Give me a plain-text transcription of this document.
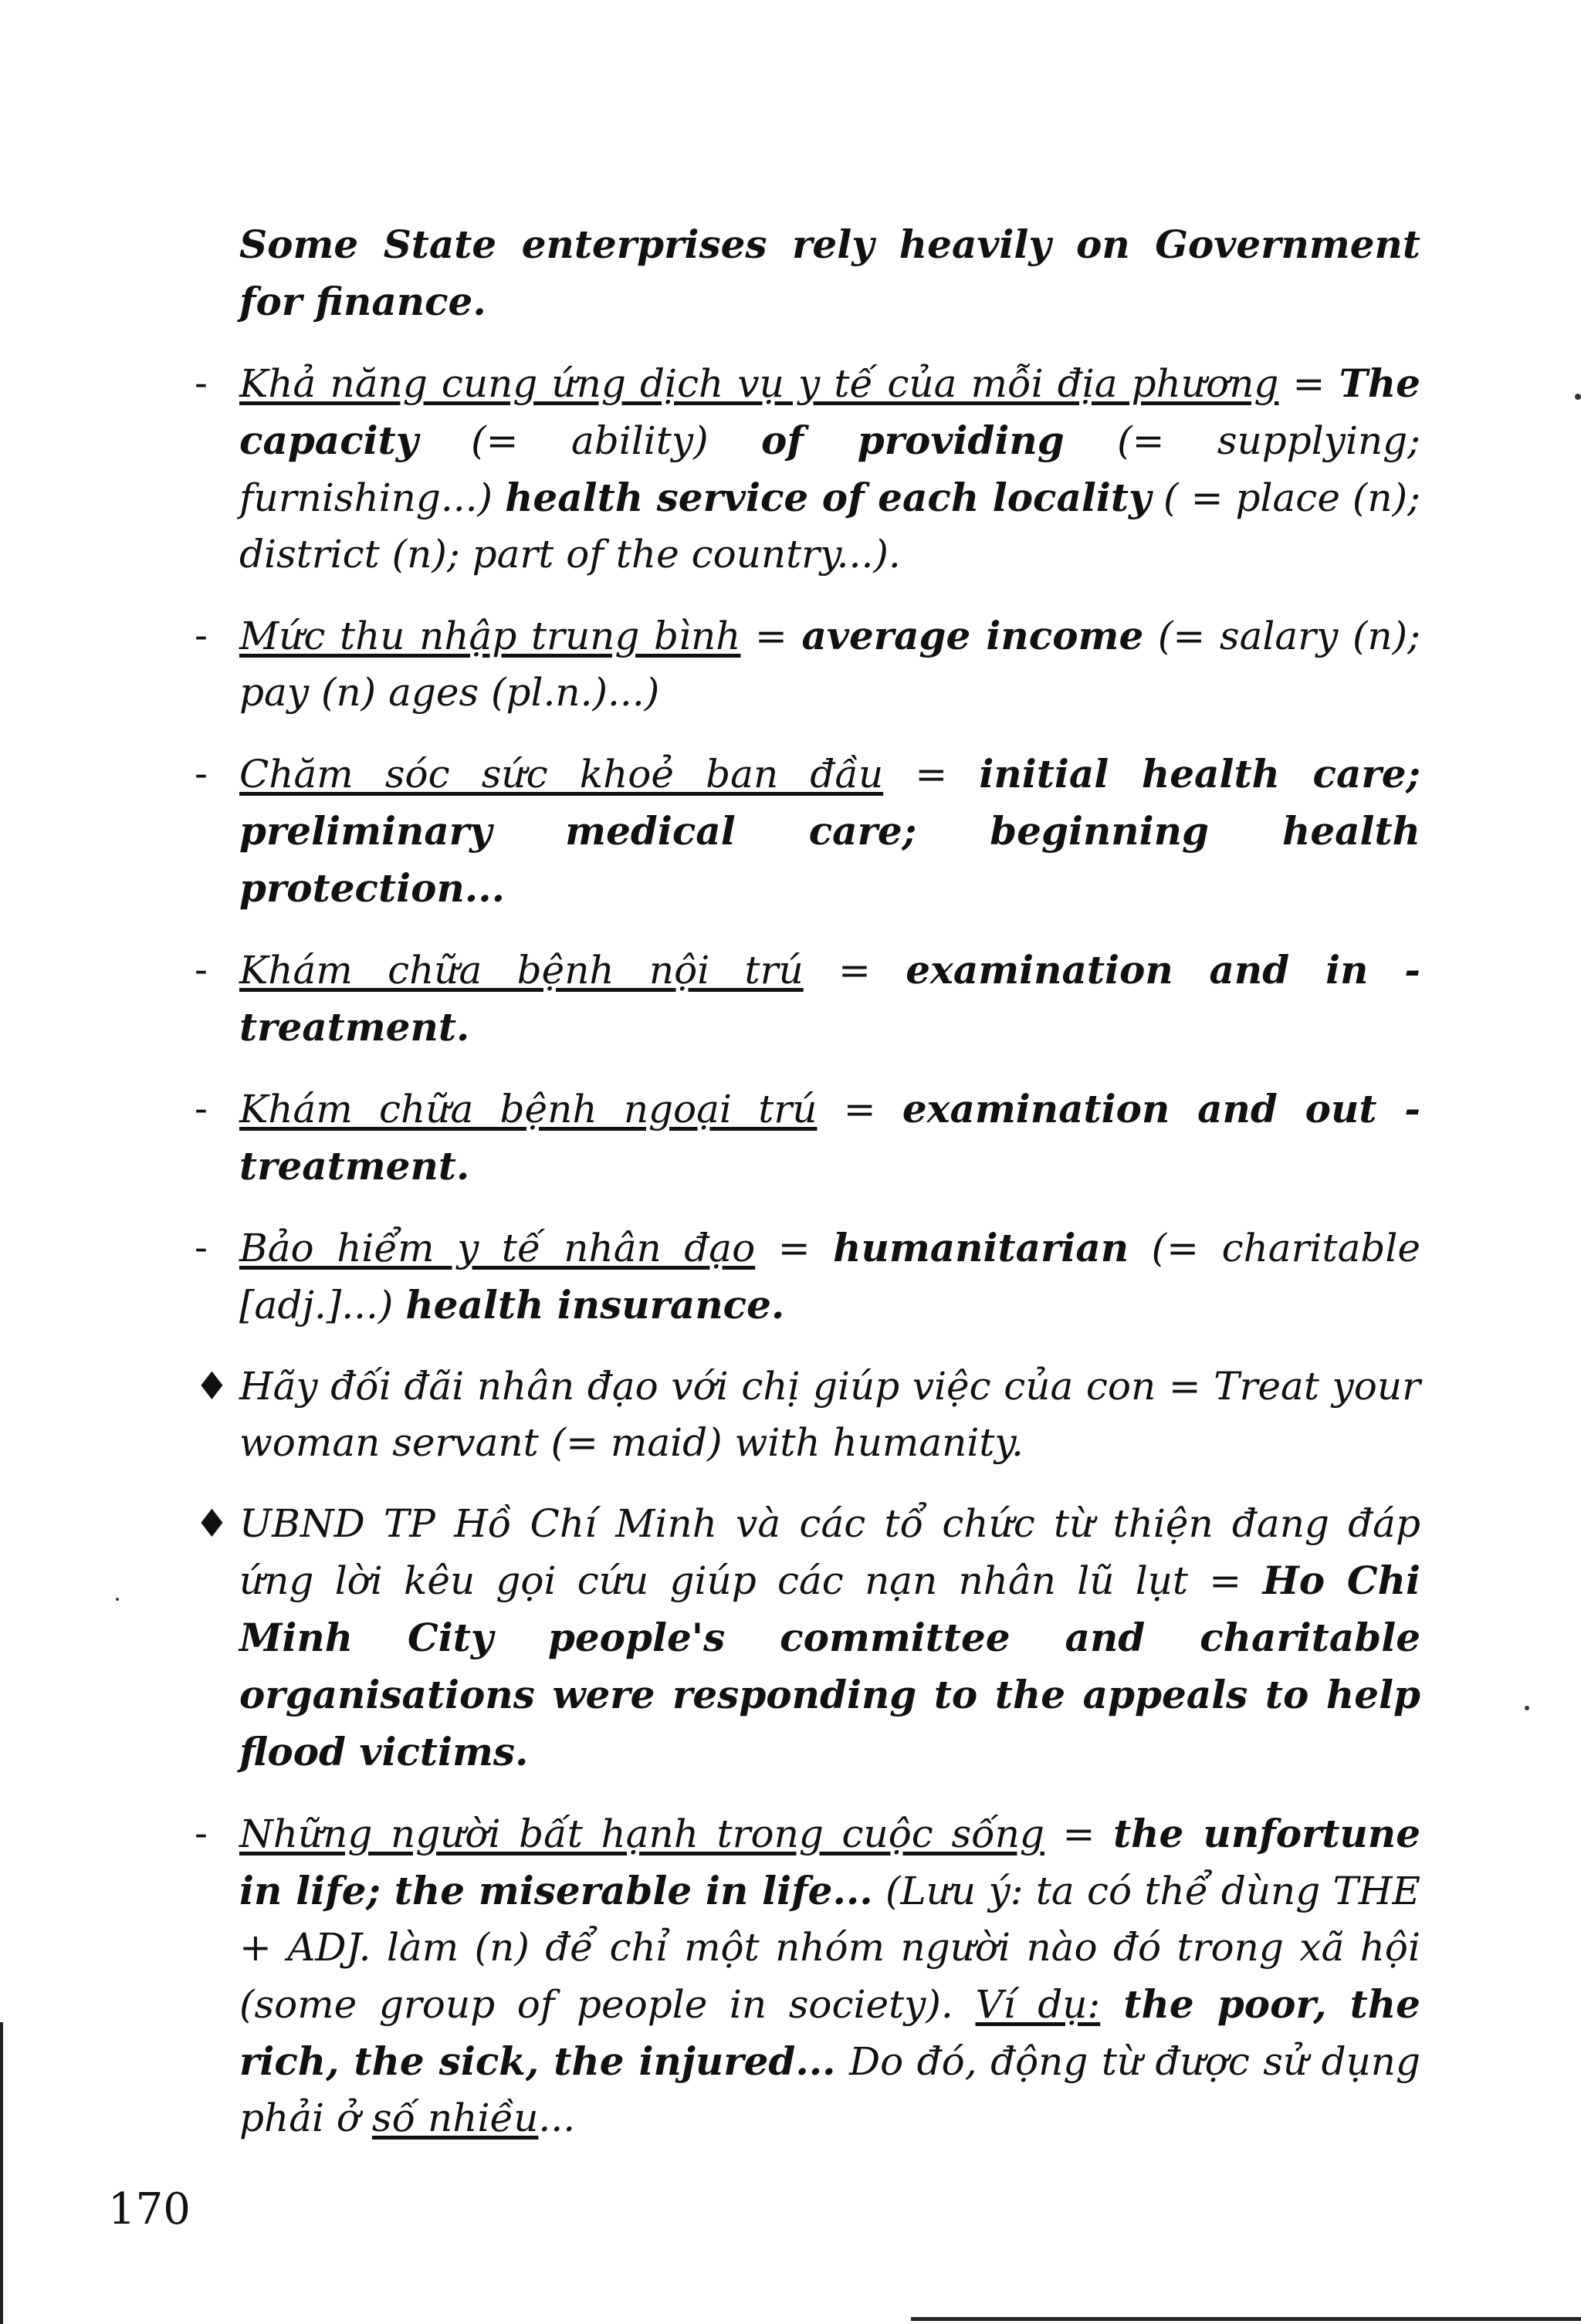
Some State enterprises rely heavily on Government for finance.
- Khả năng cung ứng dịch vụ y tế của mỗi địa phương = The capacity (= ability) of providing (= supplying; furnishing...) health service of each locality ( = place (n); district (n); part of the country...).
- Mức thu nhập trung bình = average income (= salary (n); pay (n) ages (pl.n.)...)
- Chăm sóc sức khoẻ ban đầu = initial health care; preliminary medical care; beginning health protection...
- Khám chữa bệnh nội trú = examination and in - treatment.
- Khám chữa bệnh ngoại trú = examination and out - treatment.
- Bảo hiểm y tế nhân đạo = humanitarian (= charitable [adj.]...) health insurance.
♦ Hãy đối đãi nhân đạo với chị giúp việc của con = Treat your woman servant (= maid) with humanity.
♦ UBND TP Hồ Chí Minh và các tổ chức từ thiện đang đáp ứng lời kêu gọi cứu giúp các nạn nhân lũ lụt = Ho Chi Minh City people's committee and charitable organisations were responding to the appeals to help flood victims.
- Những người bất hạnh trong cuộc sống = the unfortune in life; the miserable in life... (Lưu ý: ta có thể dùng THE + ADJ. làm (n) để chỉ một nhóm người nào đó trong xã hội (some group of people in society). Ví dụ: the poor, the rich, the sick, the injured... Do đó, động từ được sử dụng phải ở số nhiều...
170
